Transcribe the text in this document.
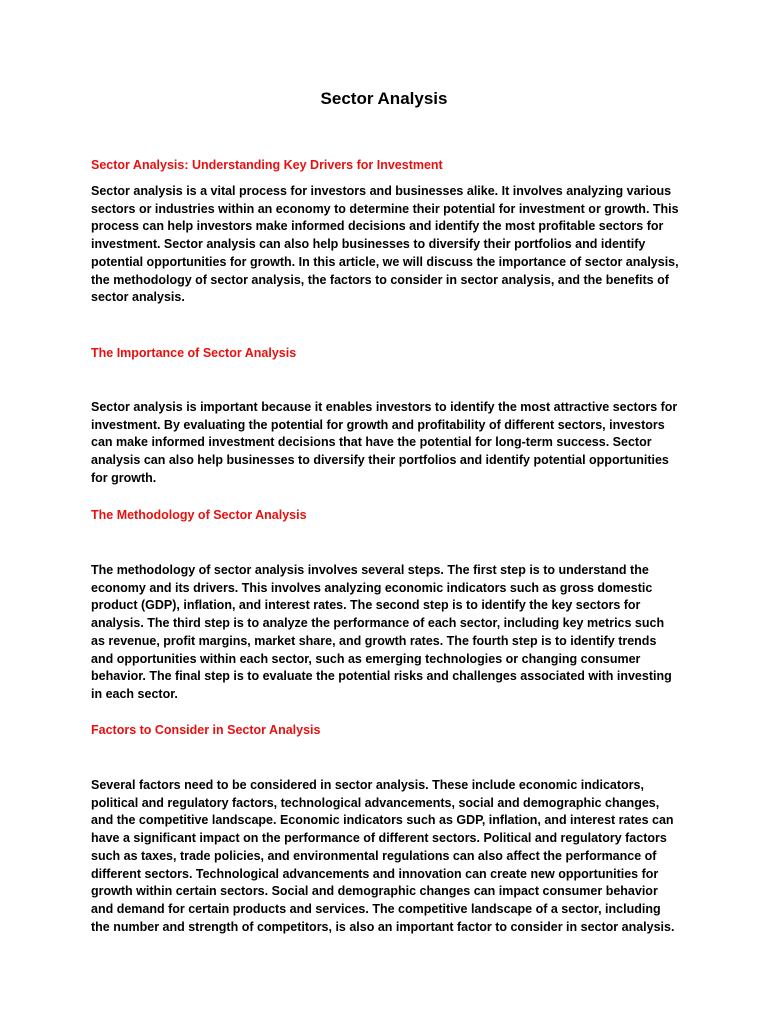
Sector Analysis
Sector Analysis: Understanding Key Drivers for Investment

Sector analysis is a vital process for investors and businesses alike. It involves analyzing various sectors or industries within an economy to determine their potential for investment or growth. This process can help investors make informed decisions and identify the most profitable sectors for investment. Sector analysis can also help businesses to diversify their portfolios and identify potential opportunities for growth. In this article, we will discuss the importance of sector analysis, the methodology of sector analysis, the factors to consider in sector analysis, and the benefits of sector analysis.

The Importance of Sector Analysis

Sector analysis is important because it enables investors to identify the most attractive sectors for investment. By evaluating the potential for growth and profitability of different sectors, investors can make informed investment decisions that have the potential for long-term success. Sector analysis can also help businesses to diversify their portfolios and identify potential opportunities for growth.

The Methodology of Sector Analysis

The methodology of sector analysis involves several steps. The first step is to understand the economy and its drivers. This involves analyzing economic indicators such as gross domestic product (GDP), inflation, and interest rates. The second step is to identify the key sectors for analysis. The third step is to analyze the performance of each sector, including key metrics such as revenue, profit margins, market share, and growth rates. The fourth step is to identify trends and opportunities within each sector, such as emerging technologies or changing consumer behavior. The final step is to evaluate the potential risks and challenges associated with investing in each sector.

Factors to Consider in Sector Analysis

Several factors need to be considered in sector analysis. These include economic indicators, political and regulatory factors, technological advancements, social and demographic changes, and the competitive landscape. Economic indicators such as GDP, inflation, and interest rates can have a significant impact on the performance of different sectors. Political and regulatory factors such as taxes, trade policies, and environmental regulations can also affect the performance of different sectors. Technological advancements and innovation can create new opportunities for growth within certain sectors. Social and demographic changes can impact consumer behavior and demand for certain products and services. The competitive landscape of a sector, including the number and strength of competitors, is also an important factor to consider in sector analysis.
